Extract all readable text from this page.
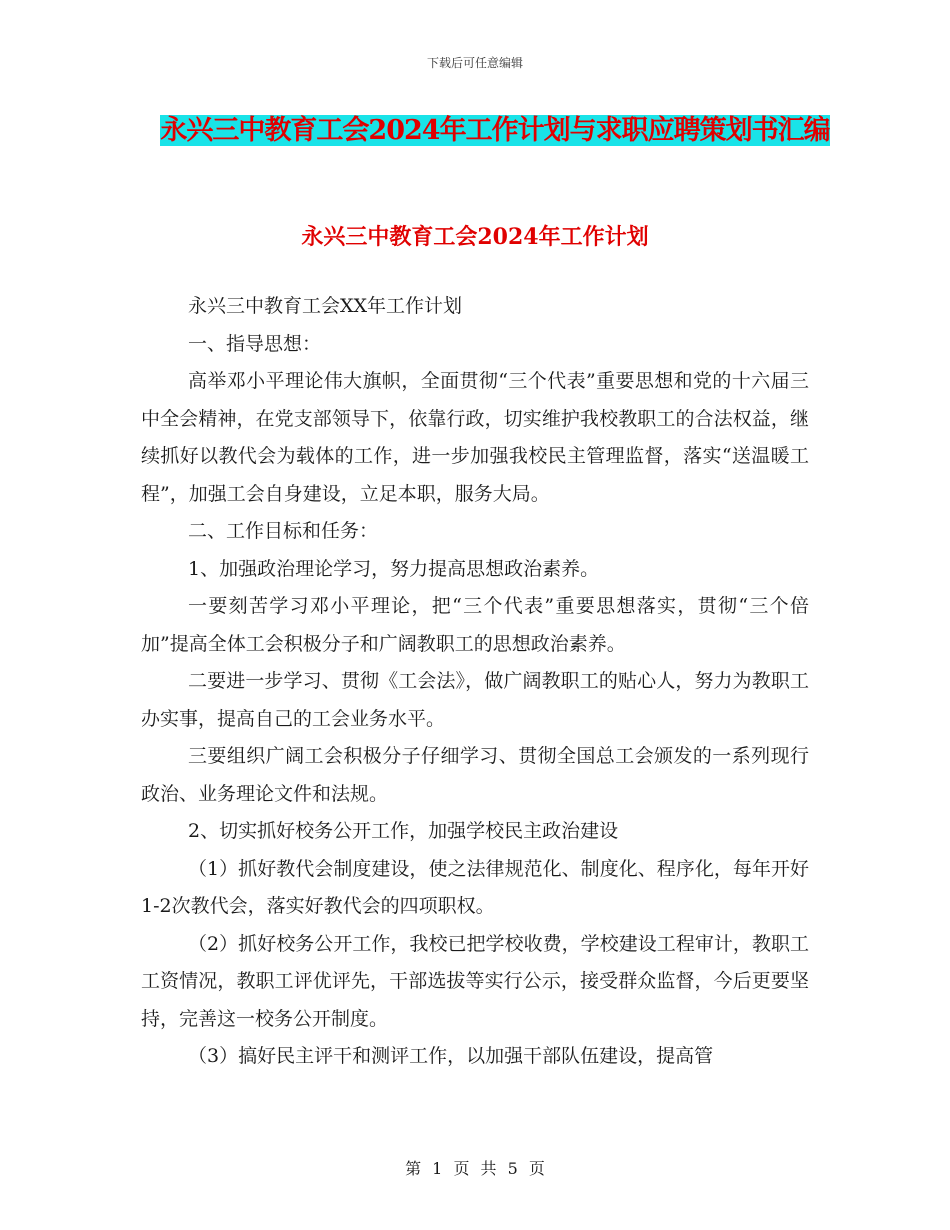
下载后可任意编辑
永兴三中教育工会2024年工作计划与求职应聘策划书汇编
永兴三中教育工会2024年工作计划

永兴三中教育工会XX年工作计划

一、指导思想：

高举邓小平理论伟大旗帜，全面贯彻“三个代表”重要思想和党的十六届三中全会精神，在党支部领导下，依靠行政，切实维护我校教职工的合法权益，继续抓好以教代会为载体的工作，进一步加强我校民主管理监督，落实“送温暖工程”，加强工会自身建设，立足本职，服务大局。

二、工作目标和任务：

1、加强政治理论学习，努力提高思想政治素养。

一要刻苦学习邓小平理论，把“三个代表”重要思想落实，贯彻“三个倍加”提高全体工会积极分子和广阔教职工的思想政治素养。

二要进一步学习、贯彻《工会法》，做广阔教职工的贴心人，努力为教职工办实事，提高自己的工会业务水平。

三要组织广阔工会积极分子仔细学习、贯彻全国总工会颁发的一系列现行政治、业务理论文件和法规。

2、切实抓好校务公开工作，加强学校民主政治建设

（1）抓好教代会制度建设，使之法律规范化、制度化、程序化，每年开好1-2次教代会，落实好教代会的四项职权。

（2）抓好校务公开工作，我校已把学校收费，学校建设工程审计，教职工工资情况，教职工评优评先，干部选拔等实行公示，接受群众监督，今后更要坚持，完善这一校务公开制度。

（3）搞好民主评干和测评工作，以加强干部队伍建设，提高管

第 1 页 共 5 页
